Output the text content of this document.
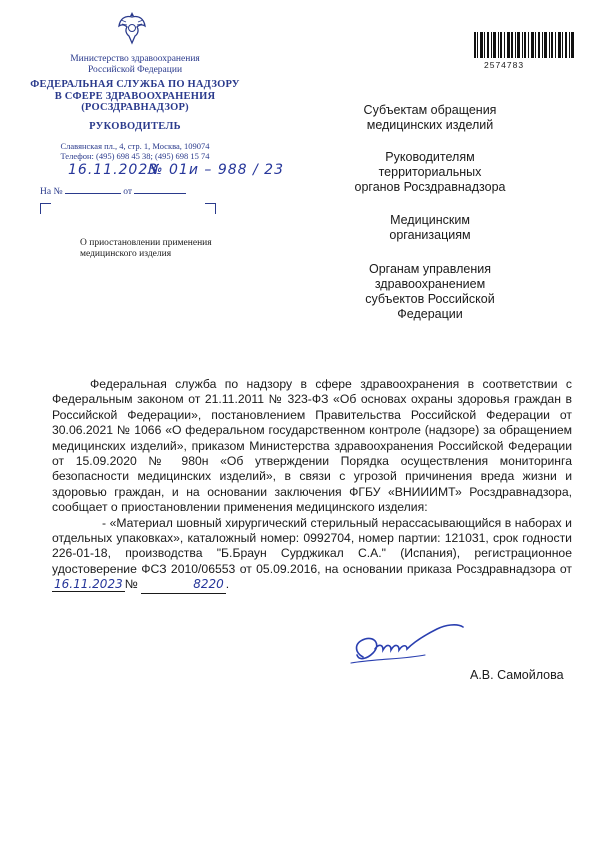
Министерство здравоохранения
Российской Федерации
ФЕДЕРАЛЬНАЯ СЛУЖБА ПО НАДЗОРУ
В СФЕРЕ ЗДРАВООХРАНЕНИЯ
(РОСЗДРАВНАДЗОР)
РУКОВОДИТЕЛЬ
Славянская пл., 4, стр. 1, Москва, 109074
Телефон: (495) 698 45 38; (495) 698 15 74
16.11.2023
№ 01и – 988 / 23
На №	от
О приостановлении применения
медицинского изделия
2574783
Субъектам обращения
медицинских изделий
Руководителям
территориальных
органов Росздравнадзора
Медицинским
организациям
Органам управления
здравоохранением
субъектов Российской
Федерации

Федеральная служба по надзору в сфере здравоохранения в соответствии с Федеральным законом от 21.11.2011 № 323-ФЗ «Об основах охраны здоровья граждан в Российской Федерации», постановлением Правительства Российской Федерации от 30.06.2021 № 1066 «О федеральном государственном контроле (надзоре) за обращением медицинских изделий», приказом Министерства здравоохранения Российской Федерации от 15.09.2020 № 980н «Об утверждении Порядка осуществления мониторинга безопасности медицинских изделий», в связи с угрозой причинения вреда жизни и здоровью граждан, и на основании заключения ФГБУ «ВНИИИМТ» Росздравнадзора, сообщает о приостановлении применения медицинского изделия:

- «Материал шовный хирургический стерильный нерассасывающийся в наборах и отдельных упаковках», каталожный номер: 0992704, номер партии: 121031, срок годности 226-01-18, производства "Б.Браун Сурджикал С.А." (Испания), регистрационное удостоверение ФСЗ 2010/06553 от 05.09.2016, на основании приказа Росздравнадзора от 16.11.2023 №	8220 .

А.В. Самойлова
